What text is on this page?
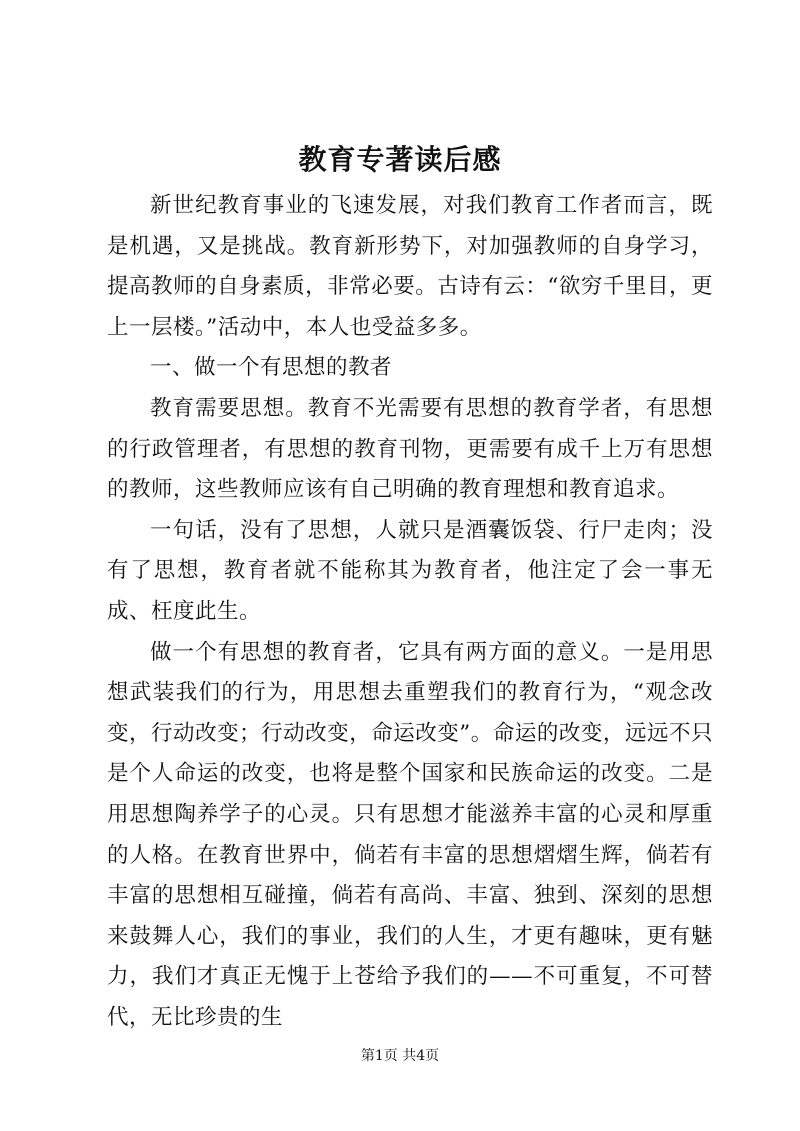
教育专著读后感

新世纪教育事业的飞速发展，对我们教育工作者而言，既是机遇，又是挑战。教育新形势下，对加强教师的自身学习，提高教师的自身素质，非常必要。古诗有云：“欲穷千里目，更上一层楼。”活动中，本人也受益多多。

一、做一个有思想的教者

教育需要思想。教育不光需要有思想的教育学者，有思想的行政管理者，有思想的教育刊物，更需要有成千上万有思想的教师，这些教师应该有自己明确的教育理想和教育追求。

一句话，没有了思想，人就只是酒囊饭袋、行尸走肉；没有了思想，教育者就不能称其为教育者，他注定了会一事无成、枉度此生。

做一个有思想的教育者，它具有两方面的意义。一是用思想武装我们的行为，用思想去重塑我们的教育行为，“观念改变，行动改变；行动改变，命运改变”。命运的改变，远远不只是个人命运的改变，也将是整个国家和民族命运的改变。二是用思想陶养学子的心灵。只有思想才能滋养丰富的心灵和厚重的人格。在教育世界中，倘若有丰富的思想熠熠生辉，倘若有丰富的思想相互碰撞，倘若有高尚、丰富、独到、深刻的思想来鼓舞人心，我们的事业，我们的人生，才更有趣味，更有魅力，我们才真正无愧于上苍给予我们的——不可重复，不可替代，无比珍贵的生

第1页 共4页
